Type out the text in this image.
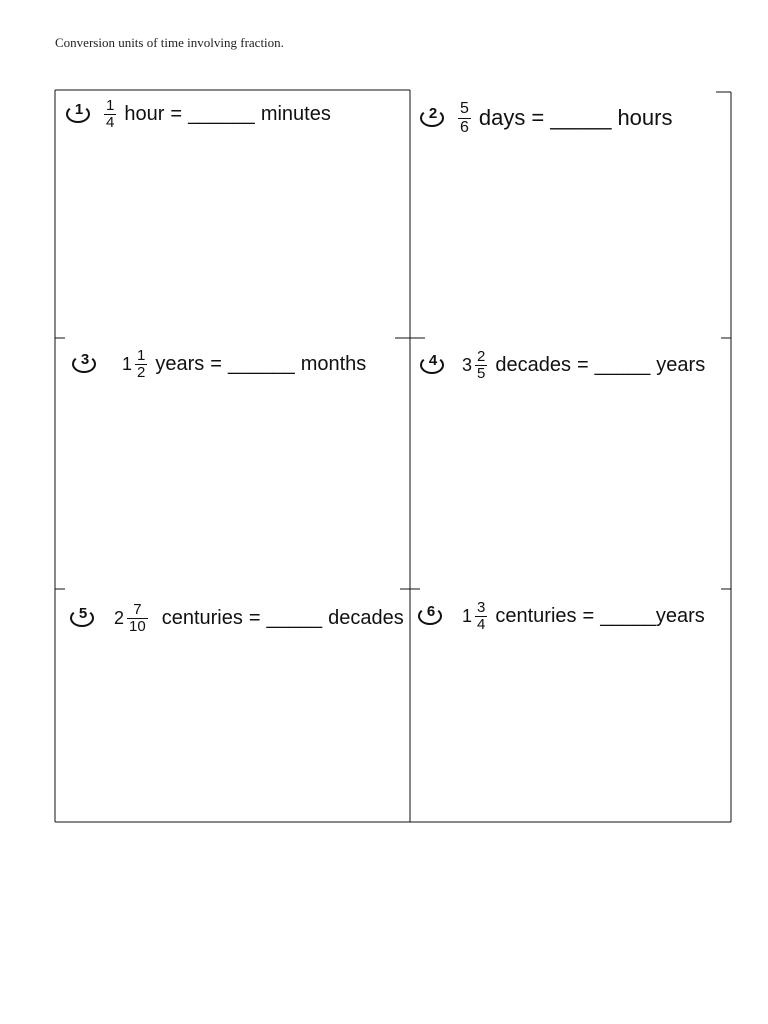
Conversion units of time involving fraction.
$1 \frac{1}{4}$ hour = ______ minutes	$2 \frac{5}{6}$ days = _____ hours
3 $1 \frac{1}{2}$ years = ______ months	4 $3 \frac{2}{5}$ decades = _____ years
5 $2 \frac{7}{10}$ centuries = _____ decades 6 $1 \frac{3}{4}$ centuries = _____ years
